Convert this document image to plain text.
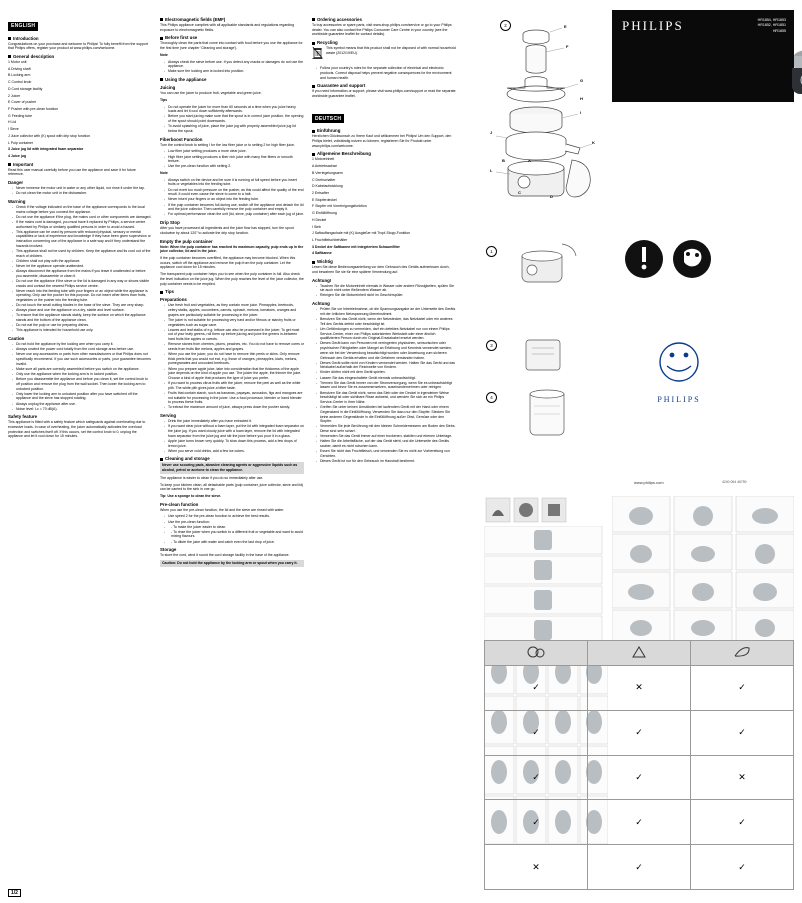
ENGLISH
Introduction

Congratulations on your purchase and welcome to Philips! To fully benefit from the support that Philips offers, register your product at www.philips.com/welcome.

General description

1 Motor unit

A Driving shaft

B Locking arm

C Control knob

D Cord storage facility

2 Juicer

E Cover of pusher

F Pusher with pre-clean function

G Feeding tube

H Lid

I Sieve

J Juice collector with (K) spout with drip stop function

L Pulp container

3 Juice jug lid with integrated foam separator

4 Juice jug

Important

Read this user manual carefully before you use the appliance and save it for future reference.

Danger
- Never immerse the motor unit in water or any other liquid, nor rinse it under the tap.
- Do not clean the motor unit in the dishwasher.
Warning
- Check if the voltage indicated on the base of the appliance corresponds to the local mains voltage before you connect the appliance.
- Do not use the appliance if the plug, the mains cord or other components are damaged.
- If the mains cord is damaged, you must have it replaced by Philips, a service centre authorised by Philips or similarly qualified persons in order to avoid a hazard.
- This appliance can be used by persons with reduced physical, sensory or mental capabilities or lack of experience and knowledge if they have been given supervision or instruction concerning use of the appliance in a safe way and if they understand the hazards involved.
- This appliance shall not be used by children. Keep the appliance and its cord out of the reach of children.
- Children shall not play with the appliance.
- Never let the appliance operate unattended.
- Always disconnect the appliance from the mains if you leave it unattended or before you assemble, disassemble or clean it.
- Do not use the appliance if the sieve or the lid is damaged in any way or shows visible cracks and contact the nearest Philips service centre.
- Never reach into the feeding tube with your fingers or an object while the appliance is operating. Only use the pusher for this purpose. Do not insert other items than fruits, vegetables or the pusher into the feeding tube.
- Do not touch the small cutting blades in the base of the sieve. They are very sharp.
- Always place and use the appliance on a dry, stable and level surface.
- To ensure that the appliance stands stably, keep the surface on which the appliance stands and the bottom of the appliance clean.
- Do not eat the pulp or use for preparing dishes.
- This appliance is intended for household use only.
Caution
- Do not hold the appliance by the locking arm when you carry it.
- Always unwind the power cord totally from the cord storage area before use.
- Never use any accessories or parts from other manufacturers or that Philips does not specifically recommend. If you use such accessories or parts, your guarantee becomes invalid.
- Make sure all parts are correctly assembled before you switch on the appliance.
- Only use the appliance when the locking arm is in locked position.
- Before you disassemble the appliance and before you clean it, set the control knob to off position and remove the plug from the wall socket. Then lower the locking arm to unlocked position.
- Only lower the locking arm to unlocked position after you have switched off the appliance and the sieve has stopped rotating.
- Always unplug the appliance after use.
- Noise level: Lc = 70 dB(A).
Safety feature

This appliance is fitted with a safety feature which safeguards against overheating due to excessive loads. In case of overheating, the juicer automatically activates the overload protection and switches itself off. If this occurs, set the control knob to 0, unplug the appliance and let it cool down for 15 minutes.

Electromagnetic fields (EMF)

This Philips appliance complies with all applicable standards and regulations regarding exposure to electromagnetic fields.

Before first use

Thoroughly clean the parts that come into contact with food before you use the appliance for the first time (see chapter 'Cleaning and storage').

Note

- Always check the sieve before use. If you detect any cracks or damages do not use the appliance.
- Make sure the locking arm is locked into position.
Using the appliance
Juicing

You can use the juicer to produce fruit, vegetable and green juice.

Tips

- Do not operate the juicer for more than 60 seconds at a time when you juice heavy loads and let it cool down sufficiently afterwards.
- Before you start juicing make sure that the spout is in correct juice position, the opening of the spout should point downwards.
- To avoid splashing of juice, place the juice jug with properly assembled juice jug lid below the spout.
Fiberboost Function

Turn the control knob to setting I for the low fiber juice or to setting 2 for high fiber juice.

- Low fiber juice setting produces a more clear juice.
- High fiber juice setting produces a fiber rich juice with many fine fibers or smooth texture.
- Use the pre-clean function with setting 2.

Note

- Always switch on the device and be sure it is running at full speed before you insert fruits or vegetables into the feeding tube.
- Do not exert too much pressure on the pusher, as this could affect the quality of the end result. It could even cause the sieve to come to a halt.
- Never insert your fingers or an object into the feeding tube.
- If the pulp container becomes full during use, switch off the appliance and detach the lid and the juice collector. Then carefully remove the pulp container and empty it.
- For optimal performance clean the unit (lid, sieve, pulp container) after each jug of juice.
Drip Stop

After you have processed all ingredients and the juice flow has stopped, turn the spout clockwise by about 120° to activate the drip stop function.

Empty the pulp container

Note: When the pulp container has reached its maximum capacity, pulp ends up in the juice collector, lid and in the juice.

If the pulp container becomes overfilled, the appliance may become blocked. When this occurs, switch off the appliance and remove the pulp from the pulp container. Let the appliance cool down for 15 minutes.

The transparent pulp container helps you to see when the pulp container is full. Also check the level indication on the juice jug. When the pulp reaches the level of the juice collector, the pulp container needs to be emptied.

Tips
Preparations
- Use fresh fruit and vegetables, as they contain more juice. Pineapples, beetroots, celery stalks, apples, cucumbers, carrots, spinach, melons, tomatoes, oranges and grapes are particularly suitable for processing in the juicer.
- The juicer is not suitable for processing very hard and/or fibrous or starchy fruits or vegetables such as sugar cane.
- Leaves and leaf stalks of e.g. lettuce can also be processed in the juicer. To get most out of your leafy greens, roll them up before juicing and juice the greens in-between hard fruits like apples or carrots.
- Remove stones from cherries, plums, peaches, etc. You do not have to remove cores or seeds from fruits like melons, apples and grapes.
- When you use the juicer, you do not have to remove thin peels or skins. Only remove thick peels that you would not eat, e.g. those of oranges, pineapples, kiwis, melons, pomegranates and uncooked beetroots.
- When you prepare apple juice, take into consideration that the thickness of the apple juice depends on the kind of apple you use. The juicier the apple, the thinner the juice. Choose a kind of apple that produces the type of juice you prefer.
- If you want to process citrus fruits with the juicer, remove the peel as well as the white pith. The white pith gives juice a bitter taste.
- Fruits that contain starch, such as bananas, papayas, avocados, figs and mangoes are not suitable for processing in the juicer. Use a food processor, blender or hand blender to process these fruits.
- To extract the maximum amount of juice, always press down the pusher slowly.
Serving
- Drink the juice immediately after you have extracted it.
- If you want clear juice without a foam layer, put the lid with integrated foam separator on the juice jug. If you want cloudy juice with a foam layer, remove the lid with integrated foam separator from the juice jug and stir the juice before you pour it in a glass.
- Apple juice turns brown very quickly. To slow down this process, add a few drops of lemon juice.
- When you serve cold drinks, add a few ice cubes.
Cleaning and storage

Never use scouring pads, abrasive cleaning agents or aggressive liquids such as alcohol, petrol or acetone to clean the appliance.

The appliance is easier to clean if you do so immediately after use.

To keep your kitchen clean, all detachable parts (pulp container, juice collector, sieve and lid) can be carried to the sink in one go.

Tip: Use a sponge to clean the sieve.

Pre-clean function

When you use the pre-clean function, the lid and the sieve are rinsed with water.

- Use speed 2 for the pre-clean function to achieve the best results.
- Use the pre-clean function:
- - To make the juicer easier to clean.
- - To rinse the juicer when you switch to a different fruit or vegetable and want to avoid mixing flavours.
- - To dilute the juice with water and catch even the last drop of juice.
Storage

To store the cord, wind it round the cord storage facility in the base of the appliance.

Caution: Do not hold the appliance by the locking arm or spout when you carry it.

Ordering accessories

To buy accessories or spare parts, visit www.shop.philips.com/service or go to your Philips dealer. You can also contact the Philips Consumer Care Centre in your country (see the worldwide guarantee leaflet for contact details).

Recycling
This symbol means that this product shall not be disposed of with normal household waste (2012/19/EU).
- Follow your country's rules for the separate collection of electrical and electronic products. Correct disposal helps prevent negative consequences for the environment and human health.
Guarantee and support

If you need information or support, please visit www.philips.com/support or read the separate worldwide guarantee leaflet.

DEUTSCH
Einführung

Herzlichen Glückwunsch zu Ihrem Kauf und willkommen bei Philips! Um den Support, den Philips bietet, vollständig nutzen zu können, registrieren Sie Ihr Produkt unter www.philips.com/welcome.

Allgemeine Beschreibung

1 Motoreinheit

A Antriebsachse

B Verriegelungsarm

C Drehschalter

D Kabelaufwicklung

2 Entsafter

E Stopferdeckel

F Stopfer mit Vorreinigungsfunktion

G Einfüllöffnung

H Deckel

I Sieb

J Saftauffangschale mit (K) Ausgießer mit Tropf-Stopp-Funktion

L Fruchtfleischbehälter

3 Deckel der Saftkanne mit integriertem Schaumfilter

4 Saftkanne

Wichtig

Lesen Sie diese Bedienungsanleitung vor dem Gebrauch des Geräts aufmerksam durch, und bewahren Sie sie für eine spätere Verwendung auf.

Achtung!
- Tauchen Sie die Motoreinheit niemals in Wasser oder andere Flüssigkeiten, spülen Sie sie auch nicht unter fließendem Wasser ab.
- Reinigen Sie die Motoreinheit nicht im Geschirrspüler.
Achtung
- Prüfen Sie vor Inbetriebnahme, ob die Spannungsangabe an der Unterseite des Geräts mit der örtlichen Netzspannung übereinstimmt.
- Benutzen Sie das Gerät nicht, wenn der Netzstecker, das Netzkabel oder ein anderes Teil des Geräts defekt oder beschädigt ist.
- Um Gefährdungen zu vermeiden, darf ein defektes Netzkabel nur von einem Philips Service-Center, einer von Philips autorisierten Werkstatt oder einer ähnlich qualifizierten Person durch ein Original-Ersatzkabel ersetzt werden.
- Dieses Gerät kann von Personen mit verringerten physischen, sensorischen oder psychischen Fähigkeiten oder Mangel an Erfahrung und Kenntnis verwendet werden, wenn sie bei der Verwendung beaufsichtigt wurden oder Anweisung zum sicheren Gebrauch des Geräts erhalten und die Gefahren verstanden haben.
- Dieses Gerät sollte nicht von Kindern verwendet werden. Halten Sie das Gerät und das Netzkabel außerhalb der Reichweite von Kindern.
- Kinder dürfen nicht mit dem Gerät spielen.
- Lassen Sie das eingeschaltete Gerät niemals unbeaufsichtigt.
- Trennen Sie das Gerät immer von der Stromversorgung, wenn Sie es unbeaufsichtigt lassen und bevor Sie es zusammensetzen, auseinandernehmen oder reinigen.
- Benutzen Sie das Gerät nicht, wenn das Sieb oder der Deckel in irgendeiner Weise beschädigt ist oder sichtbare Risse aufweist, und wenden Sie sich an ein Philips Service-Center in Ihrer Nähe.
- Greifen Sie unter keinen Umständen bei laufendem Gerät mit der Hand oder einem Gegenstand in die Einfüllöffnung. Verwenden Sie dazu nur den Stopfer. Stecken Sie keine anderen Gegenstände in die Einfüllöffnung außer Obst, Gemüse oder den Stopfer.
- Vermeiden Sie jede Berührung mit den kleinen Schneidemessern am Boden des Siebs. Diese sind sehr scharf.
- Verwenden Sie das Gerät immer auf einer trockenen, stabilen und ebenen Unterlage.
- Halten Sie die Arbeitsfläche, auf der das Gerät steht, und die Unterseite des Geräts sauber, damit es nicht rutschen kann.
- Essen Sie nicht das Fruchtfleisch, und verwenden Sie es nicht zur Vorbereitung von Gerichten.
- Dieses Gerät ist nur für den Gebrauch im Haushalt bestimmt.
2	E
F
G
H
I
K
J
L
A
B
C
D
PHILIPS	HR1854, HR1853
HR1852, HR1851
HR1855
1
3
4	PHILIPS
www.philips.com	4240 064 46790

✓	✕	✓
✓	✓	✓
✓	✓	✕
✓	✓	✓
✕	✓	✓
1/2
